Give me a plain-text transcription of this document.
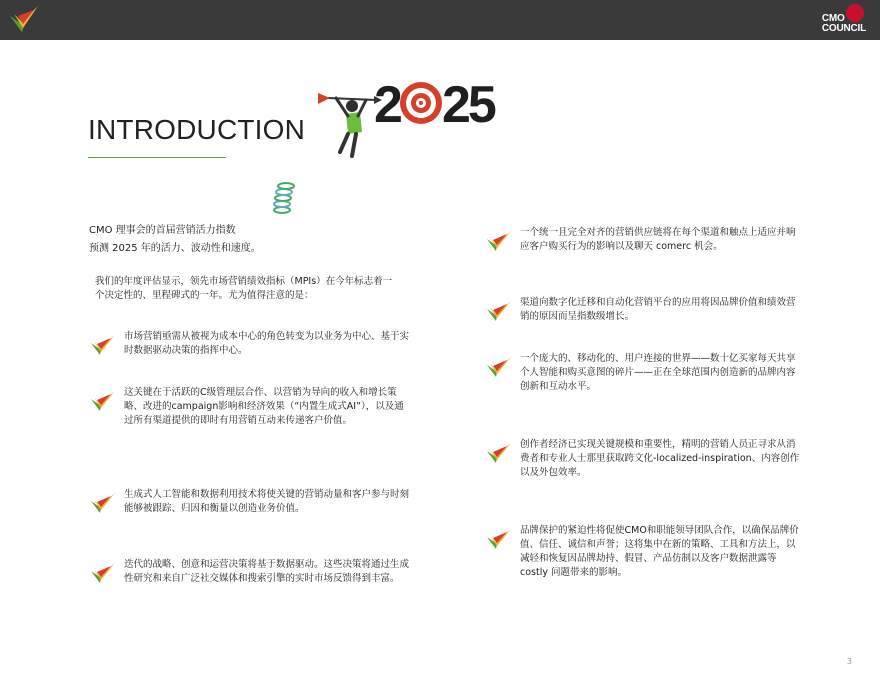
CMO
COUNCIL
INTRODUCTION 2 25
CMO 理事会的首届营销活力指数
预测 2025 年的活力、波动性和速度。
我们的年度评估显示，领先市场营销绩效指标（MPIs）在今年标志着一个决定性的、里程碑式的一年。尤为值得注意的是：
市场营销亟需从被视为成本中心的角色转变为以业务为中心、基于实时数据驱动决策的指挥中心。
这关键在于活跃的C级管理层合作、以营销为导向的收入和增长策略、改进的campaign影响和经济效果（“内置生成式AI”），以及通过所有渠道提供的即时有用营销互动来传递客户价值。
生成式人工智能和数据利用技术将使关键的营销动量和客户参与时刻能够被跟踪、归因和衡量以创造业务价值。
迭代的战略、创意和运营决策将基于数据驱动。这些决策将通过生成性研究和来自广泛社交媒体和搜索引擎的实时市场反馈得到丰富。
一个统一且完全对齐的营销供应链将在每个渠道和触点上适应并响应客户购买行为的影响以及聊天 comerc 机会。
渠道向数字化迁移和自动化营销平台的应用将因品牌价值和绩效营销的原因而呈指数级增长。
一个庞大的、移动化的、用户连接的世界——数十亿买家每天共享个人智能和购买意图的碎片——正在全球范围内创造新的品牌内容创新和互动水平。
创作者经济已实现关键规模和重要性，精明的营销人员正寻求从消费者和专业人士那里获取跨文化-localized-inspiration、内容创作以及外包效率。
品牌保护的紧迫性将促使CMO和职能领导团队合作，以确保品牌价值、信任、诚信和声誉；这将集中在新的策略、工具和方法上，以减轻和恢复因品牌劫持、假冒、产品仿制以及客户数据泄露等 costly 问题带来的影响。
3
